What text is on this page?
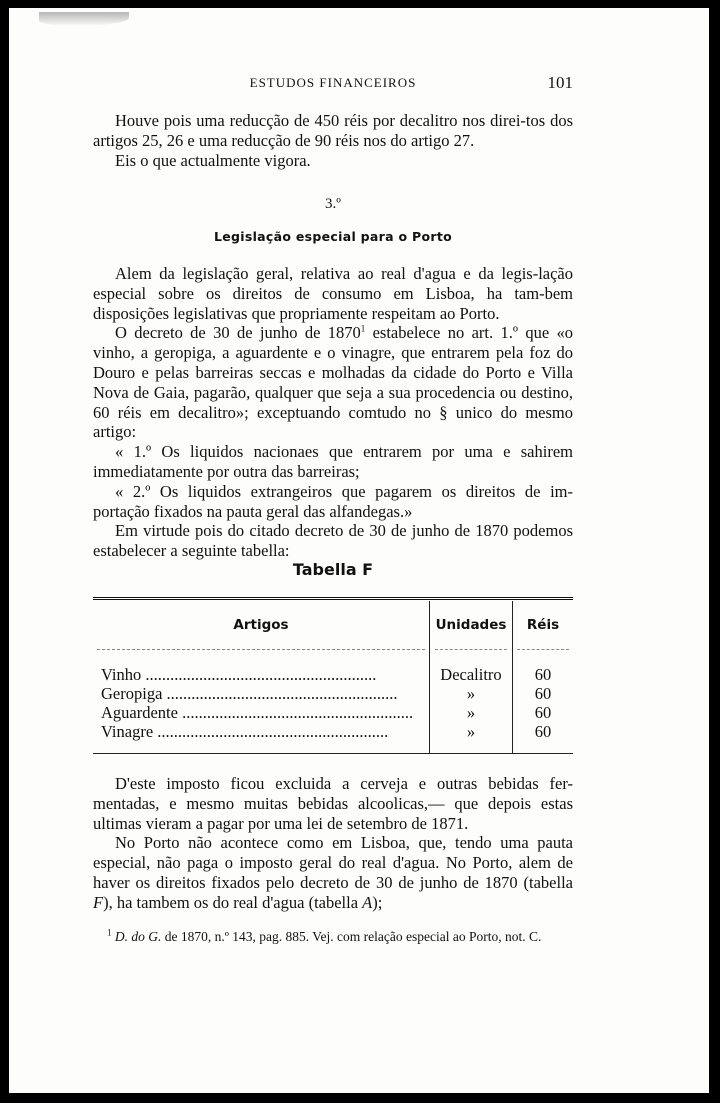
ESTUDOS FINANCEIROS	101

Houve pois uma reducção de 450 réis por decalitro nos direi-tos dos artigos 25, 26 e uma reducção de 90 réis nos do artigo 27.

Eis o que actualmente vigora.

3.º
Legislação especial para o Porto

Alem da legislação geral, relativa ao real d'agua e da legis-lação especial sobre os direitos de consumo em Lisboa, ha tam-bem disposições legislativas que propriamente respeitam ao Porto.

O decreto de 30 de junho de 1870$^1$ estabelece no art. 1.º que «o vinho, a geropiga, a aguardente e o vinagre, que entrarem pela foz do Douro e pelas barreiras seccas e molhadas da cidade do Porto e Villa Nova de Gaia, pagarão, qualquer que seja a sua procedencia ou destino, 60 réis em decalitro»; exceptuando comtudo no § unico do mesmo artigo:

« 1.º Os liquidos nacionaes que entrarem por uma e sahirem immediatamente por outra das barreiras;

« 2.º Os liquidos extrangeiros que pagarem os direitos de im-portação fixados na pauta geral das alfandegas.»

Em virtude pois do citado decreto de 30 de junho de 1870 podemos estabelecer a seguinte tabella:

Tabella F
Artigos	Unidades	Réis
Vinho ........................................................	Decalitro	60
Geropiga ........................................................	»	60
Aguardente ........................................................	»	60
Vinagre ........................................................	»	60

D'este imposto ficou excluida a cerveja e outras bebidas fer-mentadas, e mesmo muitas bebidas alcoolicas,— que depois estas ultimas vieram a pagar por uma lei de setembro de 1871.

No Porto não acontece como em Lisboa, que, tendo uma pauta especial, não paga o imposto geral do real d'agua. No Porto, alem de haver os direitos fixados pelo decreto de 30 de junho de 1870 (tabella F), ha tambem os do real d'agua (tabella A);

$^1$ D. do G. de 1870, n.º 143, pag. 885. Vej. com relação especial ao Porto, not. C.
